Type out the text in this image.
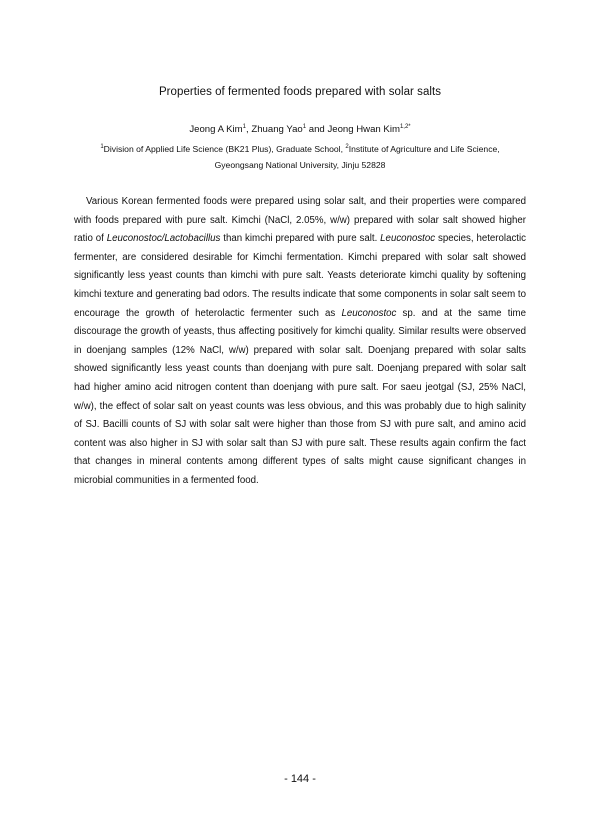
Properties of fermented foods prepared with solar salts
Jeong A Kim$^1$, Zhuang Yao$^1$ and Jeong Hwan Kim$^{1,2*}$
$^1$Division of Applied Life Science (BK21 Plus), Graduate School, $^2$Institute of Agriculture and Life Science,
Gyeongsang National University, Jinju 52828

Various Korean fermented foods were prepared using solar salt, and their properties were compared with foods prepared with pure salt. Kimchi (NaCl, 2.05%, w/w) prepared with solar salt showed higher ratio of Leuconostoc/Lactobacillus than kimchi prepared with pure salt. Leuconostoc species, heterolactic fermenter, are considered desirable for Kimchi fermentation. Kimchi prepared with solar salt showed significantly less yeast counts than kimchi with pure salt. Yeasts deteriorate kimchi quality by softening kimchi texture and generating bad odors. The results indicate that some components in solar salt seem to encourage the growth of heterolactic fermenter such as Leuconostoc sp. and at the same time discourage the growth of yeasts, thus affecting positively for kimchi quality. Similar results were observed in doenjang samples (12% NaCl, w/w) prepared with solar salt. Doenjang prepared with solar salts showed significantly less yeast counts than doenjang with pure salt. Doenjang prepared with solar salt had higher amino acid nitrogen content than doenjang with pure salt. For saeu jeotgal (SJ, 25% NaCl, w/w), the effect of solar salt on yeast counts was less obvious, and this was probably due to high salinity of SJ. Bacilli counts of SJ with solar salt were higher than those from SJ with pure salt, and amino acid content was also higher in SJ with solar salt than SJ with pure salt. These results again confirm the fact that changes in mineral contents among different types of salts might cause significant changes in microbial communities in a fermented food.

- 144 -
